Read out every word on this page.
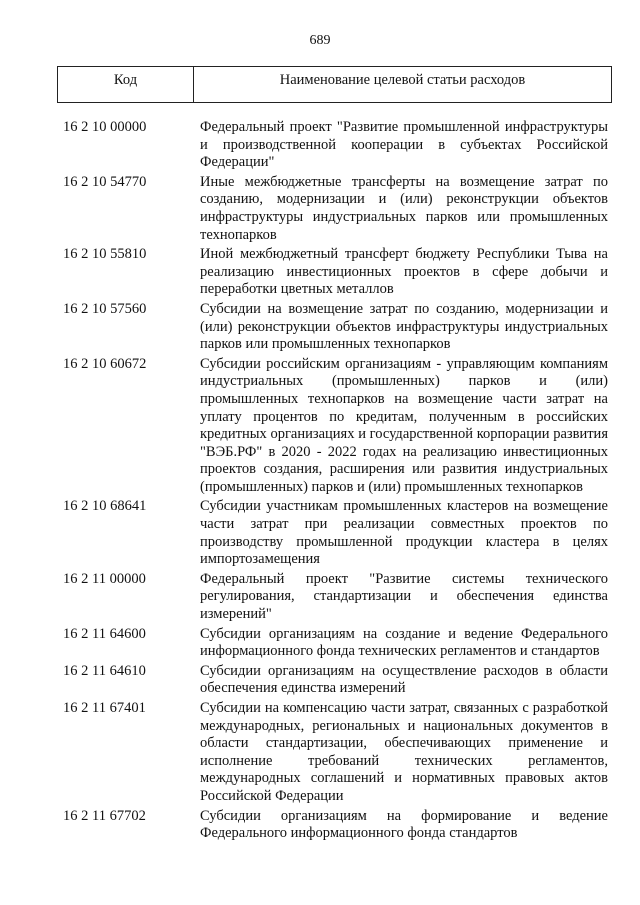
689
Код	Наименование целевой статьи расходов
16 2 10 00000	Федеральный проект "Развитие промышленной инфраструктуры и производственной кооперации в субъектах Российской Федерации"
16 2 10 54770	Иные межбюджетные трансферты на возмещение затрат по созданию, модернизации и (или) реконструкции объектов инфраструктуры индустриальных парков или промышленных технопарков
16 2 10 55810	Иной межбюджетный трансферт бюджету Республики Тыва на реализацию инвестиционных проектов в сфере добычи и переработки цветных металлов
16 2 10 57560	Субсидии на возмещение затрат по созданию, модернизации и (или) реконструкции объектов инфраструктуры индустриальных парков или промышленных технопарков
16 2 10 60672	Субсидии российским организациям - управляющим компаниям индустриальных (промышленных) парков и (или) промышленных технопарков на возмещение части затрат на уплату процентов по кредитам, полученным в российских кредитных организациях и государственной корпорации развития "ВЭБ.РФ" в 2020 - 2022 годах на реализацию инвестиционных проектов создания, расширения или развития индустриальных (промышленных) парков и (или) промышленных технопарков
16 2 10 68641	Субсидии участникам промышленных кластеров на возмещение части затрат при реализации совместных проектов по производству промышленной продукции кластера в целях импортозамещения
16 2 11 00000	Федеральный проект "Развитие системы технического регулирования, стандартизации и обеспечения единства измерений"
16 2 11 64600	Субсидии организациям на создание и ведение Федерального информационного фонда технических регламентов и стандартов
16 2 11 64610	Субсидии организациям на осуществление расходов в области обеспечения единства измерений
16 2 11 67401	Субсидии на компенсацию части затрат, связанных с разработкой международных, региональных и национальных документов в области стандартизации, обеспечивающих применение и исполнение требований технических регламентов, международных соглашений и нормативных правовых актов Российской Федерации
16 2 11 67702	Субсидии организациям на формирование и ведение Федерального информационного фонда стандартов
